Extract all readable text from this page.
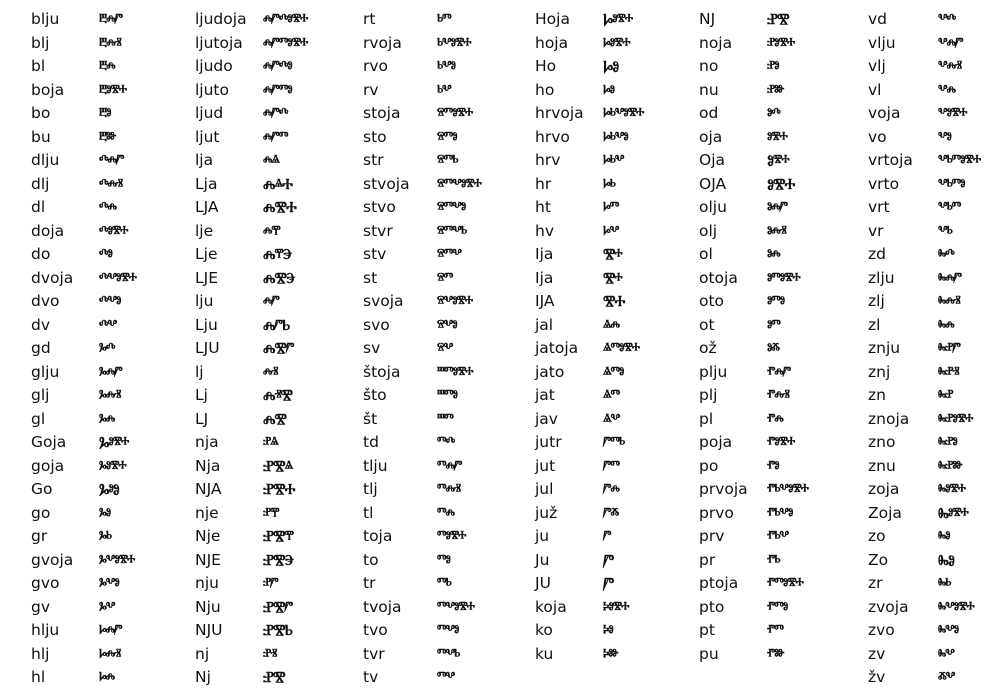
blju	ⰱⰾⱓ
blj	ⰱⰾⱐ
bl	ⰱⰾ
boja ⰱⱁⰺⰰ
bo	ⰱⱁ
bu	ⰱⱆ
dlju	ⰴⰾⱓ
dlj	ⰴⰾⱐ
dl	ⰴⰾ
doja ⰴⱁⰺⰰ
do	ⰴⱁ
dvoja ⰴⰲⱁⰺⰰ
dvo	ⰴⰲⱁ
dv	ⰴⰲ
gd	ⰳⰴ
glju	ⰳⰾⱓ
glj	ⰳⰾⱐ
gl	ⰳⰾ
Goja Ⰳⱁⰺⰰ
goja ⰳⱁⰺⰰ
Go	ⰃⱁⰑ
go	ⰳⱁ
gr	ⰳⱃ
gvoja ⰳⰲⱁⰺⰰ
gvo	ⰳⰲⱁ
gv	ⰳⰲ
hlju	ⱈⰾⱓ
hlj	ⱈⰾⱐ
hl	ⱈⰾ
ljudoja ⰾⱓⰴⱁⰺⰰ
ljutoja ⰾⱓⱅⱁⰺⰰ
ljudo ⰾⱓⰴⱁ
ljuto ⰾⱓⱅⱁ
ljud	ⰾⱓⰴ
ljut	ⰾⱓⱅ
lja	ⰾⱑ
Lja	ⰎⱑⰀ
LJA	ⰎⰊⰀ
lje	ⰾⰹ
Lje	ⰎⰹⰅ
LJE	ⰎⰊⰅ
lju	ⰾⱓ
Lju	ⰎⱓⰓ
LJU	ⰎⰊⱓ
lj	ⰾⱐ
Lj	ⰎⱐⰊ
LJ	ⰎⰊ
nja	ⱀⱑ
Nja	ⰐⰊⱑ
NJA	ⰐⰊⰀ
nje	ⱀⰹ
Nje	ⰐⰊⰹ
NJE	ⰐⰊⰅ
nju	ⱀⱓ
Nju	ⰐⰊⱓ
NJU	ⰐⰊⰓ
nj	ⱀⱐ
Nj	ⰐⰊ
rt	ⱃⱅ
rvoja ⱃⰲⱁⰺⰰ
rvo	ⱃⰲⱁ
rv	ⱃⰲ
stoja ⱄⱅⱁⰺⰰ
sto	ⱄⱅⱁ
str	ⱄⱅⱃ
stvoja ⱄⱅⰲⱁⰺⰰ
stvo	ⱄⱅⰲⱁ
stvr	ⱄⱅⰲⱃ
stv	ⱄⱅⰲ
st	ⱄⱅ
svoja ⱄⰲⱁⰺⰰ
svo	ⱄⰲⱁ
sv	ⱄⰲ
štoja ⱎⱅⱁⰺⰰ
što	ⱎⱅⱁ
št	ⱎⱅ
td	ⱅⰴ
tlju	ⱅⰾⱓ
tlj	ⱅⰾⱐ
tl	ⱅⰾ
toja	ⱅⱁⰺⰰ
to	ⱅⱁ
tr	ⱅⱃ
tvoja ⱅⰲⱁⰺⰰ
tvo	ⱅⰲⱁ
tvr	ⱅⰲⱃ
tv	ⱅⰲ
Hoja Ⱈⱁⰺⰰ
hoja ⱈⱁⰺⰰ
Ho	ⰘⰑ
ho	ⱈⱁ
hrvoja ⱈⱃⰲⱁⰺⰰ
hrvo ⱈⱃⰲⱁ
hrv	ⱈⱃⰲ
hr	ⱈⱃ
ht	ⱈⱅ
hv	ⱈⰲ
Ija	Ⰺⰰ
Ija	Ⰺⰰ
IJA	ⰊⰀ
jal	ⱑⰾ
jatoja ⱑⱅⱁⰺⰰ
jato	ⱑⱅⱁ
jat	ⱑⱅ
jav	ⱑⰲ
jutr	ⱓⱅⱃ
jut	ⱓⱅ
jul	ⱓⰾ
juž	ⱓⰶ
ju	ⱓ
Ju	Ⱓ
JU	Ⱓ
koja ⰽⱁⰺⰰ
ko	ⰽⱁ
ku	ⰽⱆ
NJ	ⰐⰊ
noja ⱀⱁⰺⰰ
no	ⱀⱁ
nu	ⱀⱆ
od	ⱁⰴ
oja	ⱁⰺⰰ
Oja	Ⱁⰺⰰ
OJA	ⰑⰊⰀ
olju	ⱁⰾⱓ
olj	ⱁⰾⱐ
ol	ⱁⰾ
otoja ⱁⱅⱁⰺⰰ
oto	ⱁⱅⱁ
ot	ⱁⱅ
ož	ⱁⰶ
plju	ⱂⰾⱓ
plj	ⱂⰾⱐ
pl	ⱂⰾ
poja ⱂⱁⰺⰰ
po	ⱂⱁ
prvoja ⱂⱃⰲⱁⰺⰰ
prvo ⱂⱃⰲⱁ
prv	ⱂⱃⰲ
pr	ⱂⱃ
ptoja ⱂⱅⱁⰺⰰ
pto	ⱂⱅⱁ
pt	ⱂⱅ
pu	ⱂⱆ
vd	ⰲⰴ
vlju	ⰲⰾⱓ
vlj	ⰲⰾⱐ
vl	ⰲⰾ
voja	ⰲⱁⰺⰰ
vo	ⰲⱁ
vrtoja ⰲⱃⱅⱁⰺⰰ
vrto	ⰲⱃⱅⱁ
vrt	ⰲⱃⱅ
vr	ⰲⱃ
zd	ⰸⰴ
zlju	ⰸⰾⱓ
zlj	ⰸⰾⱐ
zl	ⰸⰾ
znju	ⰸⱀⱓ
znj	ⰸⱀⱐ
zn	ⰸⱀ
znoja ⰸⱀⱁⰺⰰ
zno	ⰸⱀⱁ
znu	ⰸⱀⱆ
zoja	ⰸⱁⰺⰰ
Zoja Ⰸⱁⰺⰰ
zo	ⰸⱁ
Zo	ⰈⰑ
zr	ⰸⱃ
zvoja ⰸⰲⱁⰺⰰ
zvo	ⰸⰲⱁ
zv	ⰸⰲ
žv	ⰶⰲ
